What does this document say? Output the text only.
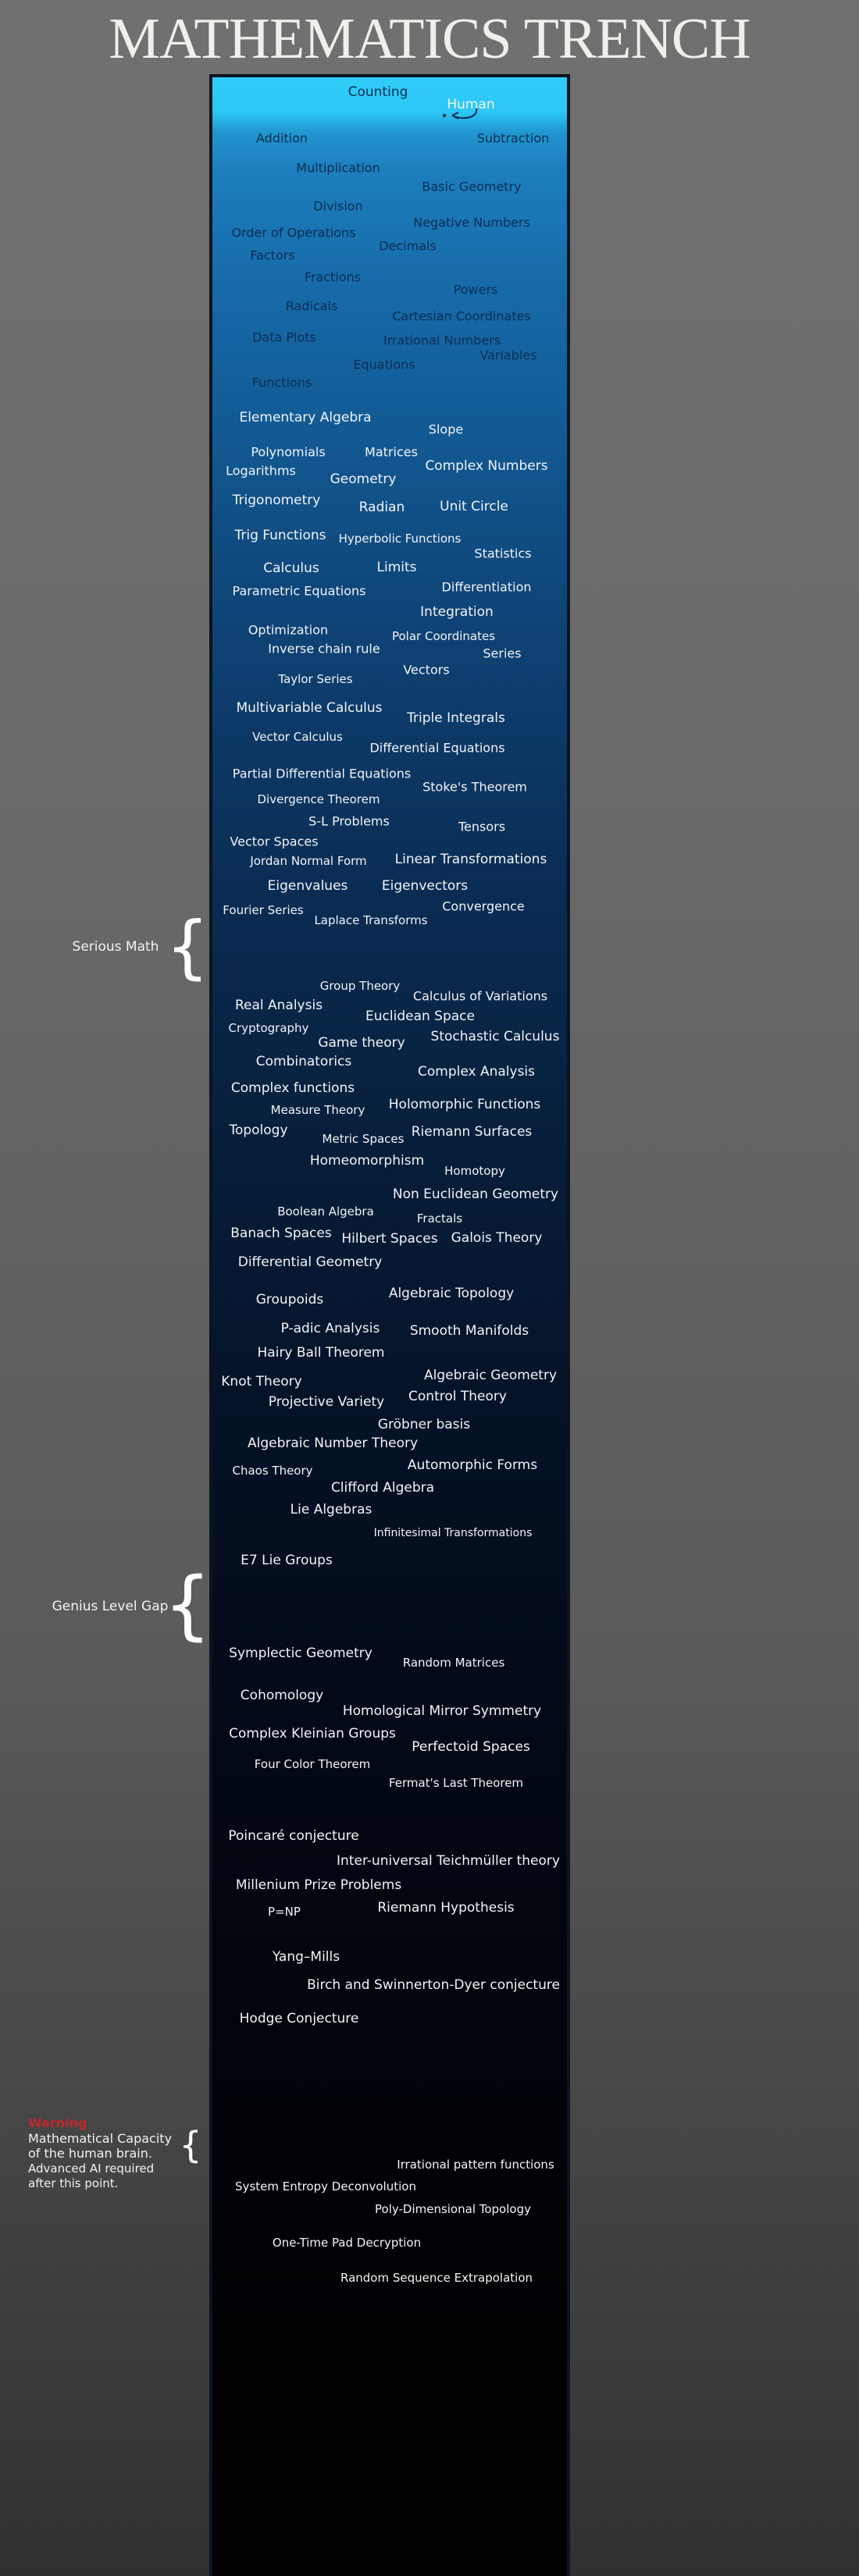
MATHEMATICS TRENCH
Counting
Human
Addition	Subtraction
Multiplication
Basic Geometry
Division
Negative Numbers
Order of Operations
Decimals
Factors
Fractions
Powers
Radicals
Cartesian Coordinates
Data Plots	Irrational Numbers
Variables
Equations
Functions
Elementary Algebra
Slope
Polynomials	Matrices
Logarithms	Complex Numbers
Geometry
Trigonometry	Radian	Unit Circle
Trig Functions Hyperbolic Functions
Statistics
Calculus	Limits
Differentiation
Parametric Equations
Integration
Optimization	Polar Coordinates
Inverse chain rule	Series
Vectors
Taylor Series
Multivariable Calculus
Triple Integrals
Vector Calculus
Differential Equations
Partial Differential Equations
Stoke's Theorem
Divergence Theorem
S-L Problems	Tensors
Vector Spaces
Jordan Normal Form Linear Transformations
Eigenvalues	Eigenvectors
Fourier Series	Convergence
Laplace Transforms
Group Theory
Calculus of Variations
Real Analysis
Euclidean Space
Cryptography
Stochastic Calculus
Game theory
Combinatorics
Complex Analysis
Complex functions
Holomorphic Functions
Measure Theory
Topology
Metric Spaces Riemann Surfaces
Homeomorphism
Homotopy
Non Euclidean Geometry
Boolean Algebra	Fractals
Banach Spaces Hilbert Spaces Galois Theory
Differential Geometry
Groupoids	Algebraic Topology
P-adic Analysis Smooth Manifolds
Hairy Ball Theorem
Knot Theory	Algebraic Geometry
Control Theory
Projective Variety
Gröbner basis
Algebraic Number Theory
Automorphic Forms
Chaos Theory
Clifford Algebra
Lie Algebras
Infinitesimal Transformations
E7 Lie Groups
Symplectic Geometry
Random Matrices
Cohomology
Homological Mirror Symmetry
Complex Kleinian Groups
Perfectoid Spaces
Four Color Theorem
Fermat's Last Theorem
Poincaré conjecture
Inter-universal Teichmüller theory
Millenium Prize Problems
P=NP	Riemann Hypothesis
Yang–Mills
Birch and Swinnerton-Dyer conjecture
Hodge Conjecture
Irrational pattern functions
System Entropy Deconvolution
Poly-Dimensional Topology
One-Time Pad Decryption
Random Sequence Extrapolation
Serious Math {
Genius Level Gap
{
Warning
Mathematical Capacity
of the human brain.
Advanced AI required
after this point.
{
